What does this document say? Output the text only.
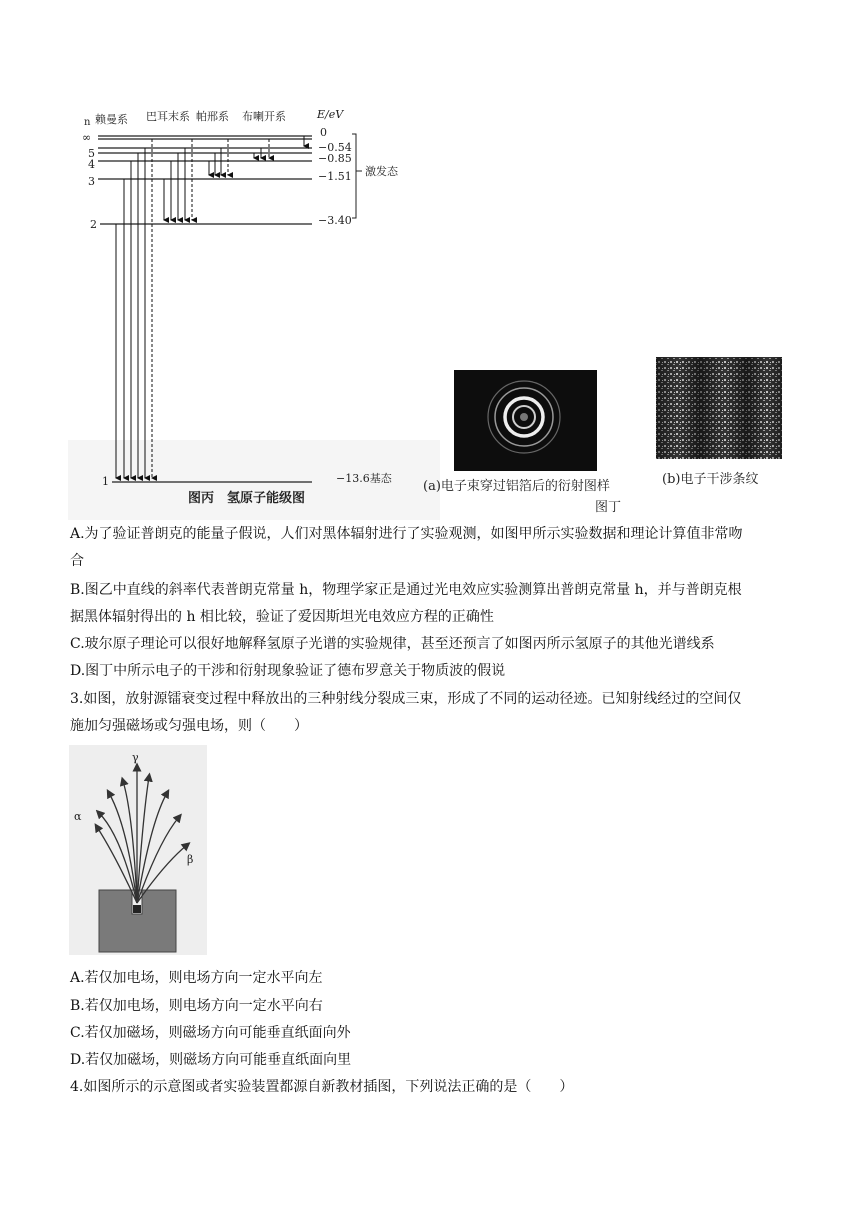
n 赖曼系 巴耳末系 帕邢系 布喇开系	E/eV
∞
5
4
3
2
1
0
−0.54
−0.85
−1.51
−3.40
−13.6基态
激发态
图丙　氢原子能级图
(a)电子束穿过铝箔后的衍射图样	(b)电子干涉条纹
图丁
A.为了验证普朗克的能量子假说，人们对黑体辐射进行了实验观测，如图甲所示实验数据和理论计算值非常吻
合
B.图乙中直线的斜率代表普朗克常量 h，物理学家正是通过光电效应实验测算出普朗克常量 h，并与普朗克根
据黑体辐射得出的 h 相比较，验证了爱因斯坦光电效应方程的正确性
C.玻尔原子理论可以很好地解释氢原子光谱的实验规律，甚至还预言了如图丙所示氢原子的其他光谱线系
D.图丁中所示电子的干涉和衍射现象验证了德布罗意关于物质波的假说
3.如图，放射源镭衰变过程中释放出的三种射线分裂成三束，形成了不同的运动径迹。已知射线经过的空间仅
施加匀强磁场或匀强电场，则（　　）
γ
α
β
A.若仅加电场，则电场方向一定水平向左
B.若仅加电场，则电场方向一定水平向右
C.若仅加磁场，则磁场方向可能垂直纸面向外
D.若仅加磁场，则磁场方向可能垂直纸面向里
4.如图所示的示意图或者实验装置都源自新教材插图，下列说法正确的是（　　）
